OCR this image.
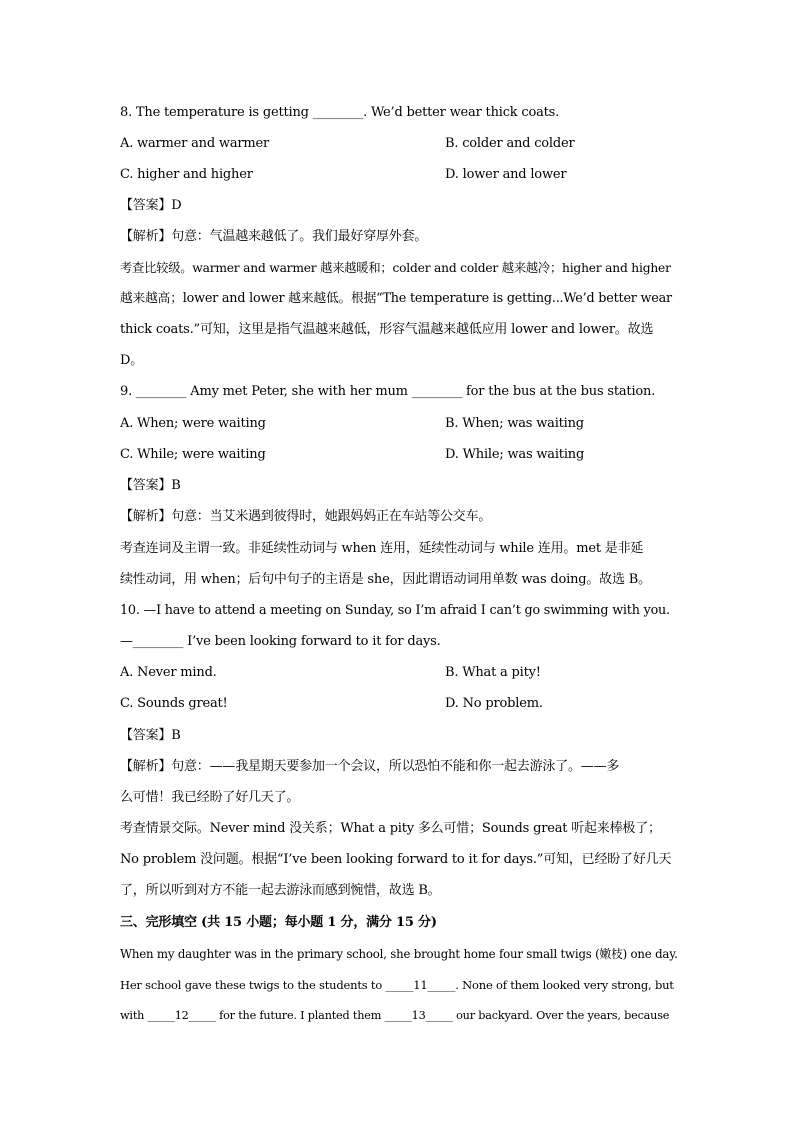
8. The temperature is getting ________. We’d better wear thick coats.
A. warmer and warmer	B. colder and colder
C. higher and higher	D. lower and lower
【答案】D
【解析】句意：气温越来越低了。我们最好穿厚外套。
考查比较级。warmer and warmer 越来越暖和；colder and colder 越来越冷；higher and higher
越来越高；lower and lower 越来越低。根据“The temperature is getting...We’d better wear
thick coats.”可知，这里是指气温越来越低，形容气温越来越低应用 lower and lower。故选
D。
9. ________ Amy met Peter, she with her mum ________ for the bus at the bus station.
A. When; were waiting	B. When; was waiting
C. While; were waiting	D. While; was waiting
【答案】B
【解析】句意：当艾米遇到彼得时，她跟妈妈正在车站等公交车。
考查连词及主谓一致。非延续性动词与 when 连用，延续性动词与 while 连用。met 是非延
续性动词，用 when；后句中句子的主语是 she，因此谓语动词用单数 was doing。故选 B。
10. —I have to attend a meeting on Sunday, so I’m afraid I can’t go swimming with you.
—________ I’ve been looking forward to it for days.
A. Never mind.	B. What a pity!
C. Sounds great!	D. No problem.
【答案】B
【解析】句意：——我星期天要参加一个会议，所以恐怕不能和你一起去游泳了。——多
么可惜！我已经盼了好几天了。
考查情景交际。Never mind 没关系；What a pity 多么可惜；Sounds great 听起来棒极了；
No problem 没问题。根据“I’ve been looking forward to it for days.”可知，已经盼了好几天
了，所以听到对方不能一起去游泳而感到惋惜，故选 B。
三、完形填空 (共 15 小题；每小题 1 分，满分 15 分)
When my daughter was in the primary school, she brought home four small twigs (嫩枝) one day.
Her school gave these twigs to the students to _____11_____. None of them looked very strong, but
with _____12_____ for the future. I planted them _____13_____ our backyard. Over the years, because
